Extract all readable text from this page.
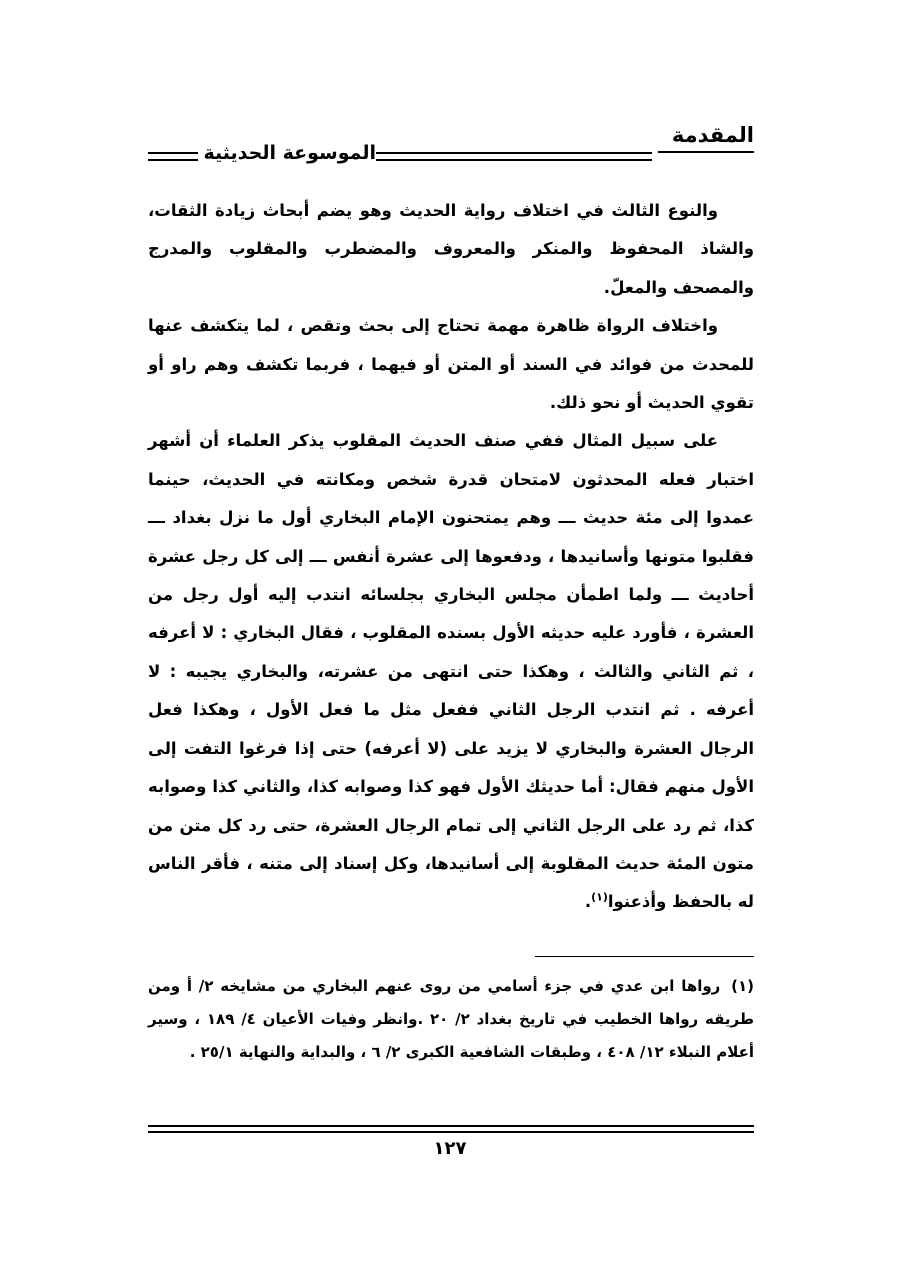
المقدمة
الموسوعة الحديثية

والنوع الثالث في اختلاف رواية الحديث وهو يضم أبحاث زيادة الثقات، والشاذ المحفوظ والمنكر والمعروف والمضطرب والمقلوب والمدرج والمصحف والمعلّ.

واختلاف الرواة ظاهرة مهمة تحتاج إلى بحث وتقص ، لما يتكشف عنها للمحدث من فوائد في السند أو المتن أو فيهما ، فربما تكشف وهم راو أو تقوي الحديث أو نحو ذلك.

على سبيل المثال ففي صنف الحديث المقلوب يذكر العلماء أن أشهر اختبار فعله المحدثون لامتحان قدرة شخص ومكانته في الحديث، حينما عمدوا إلى مئة حديث ـــ وهم يمتحنون الإمام البخاري أول ما نزل بغداد ـــ فقلبوا متونها وأسانيدها ، ودفعوها إلى عشرة أنفس ـــ إلى كل رجل عشرة أحاديث ـــ ولما اطمأن مجلس البخاري بجلسائه انتدب إليه أول رجل من العشرة ، فأورد عليه حديثه الأول بسنده المقلوب ، فقال البخاري : لا أعرفه ، ثم الثاني والثالث ، وهكذا حتى انتهى من عشرته، والبخاري يجيبه : لا أعرفه . ثم انتدب الرجل الثاني ففعل مثل ما فعل الأول ، وهكذا فعل الرجال العشرة والبخاري لا يزيد على (لا أعرفه) حتى إذا فرغوا التفت إلى الأول منهم فقال: أما حديثك الأول فهو كذا وصوابه كذا، والثاني كذا وصوابه كذا، ثم رد على الرجل الثاني إلى تمام الرجال العشرة، حتى رد كل متن من متون المئة حديث المقلوبة إلى أسانيدها، وكل إسناد إلى متنه ، فأقر الناس له بالحفظ وأذعنوا$^{(١)}$.

(١) رواها ابن عدي في جزء أسامي من روى عنهم البخاري من مشايخه ٢/ أ ومن طريقه رواها الخطيب في تاريخ بغداد ٢/ ٢٠ .وانظر وفيات الأعيان ٤/ ١٨٩ ، وسير أعلام النبلاء ١٢/ ٤٠٨ ، وطبقات الشافعية الكبرى ٢/ ٦ ، والبداية والنهاية ٢٥/١ .
١٢٧
